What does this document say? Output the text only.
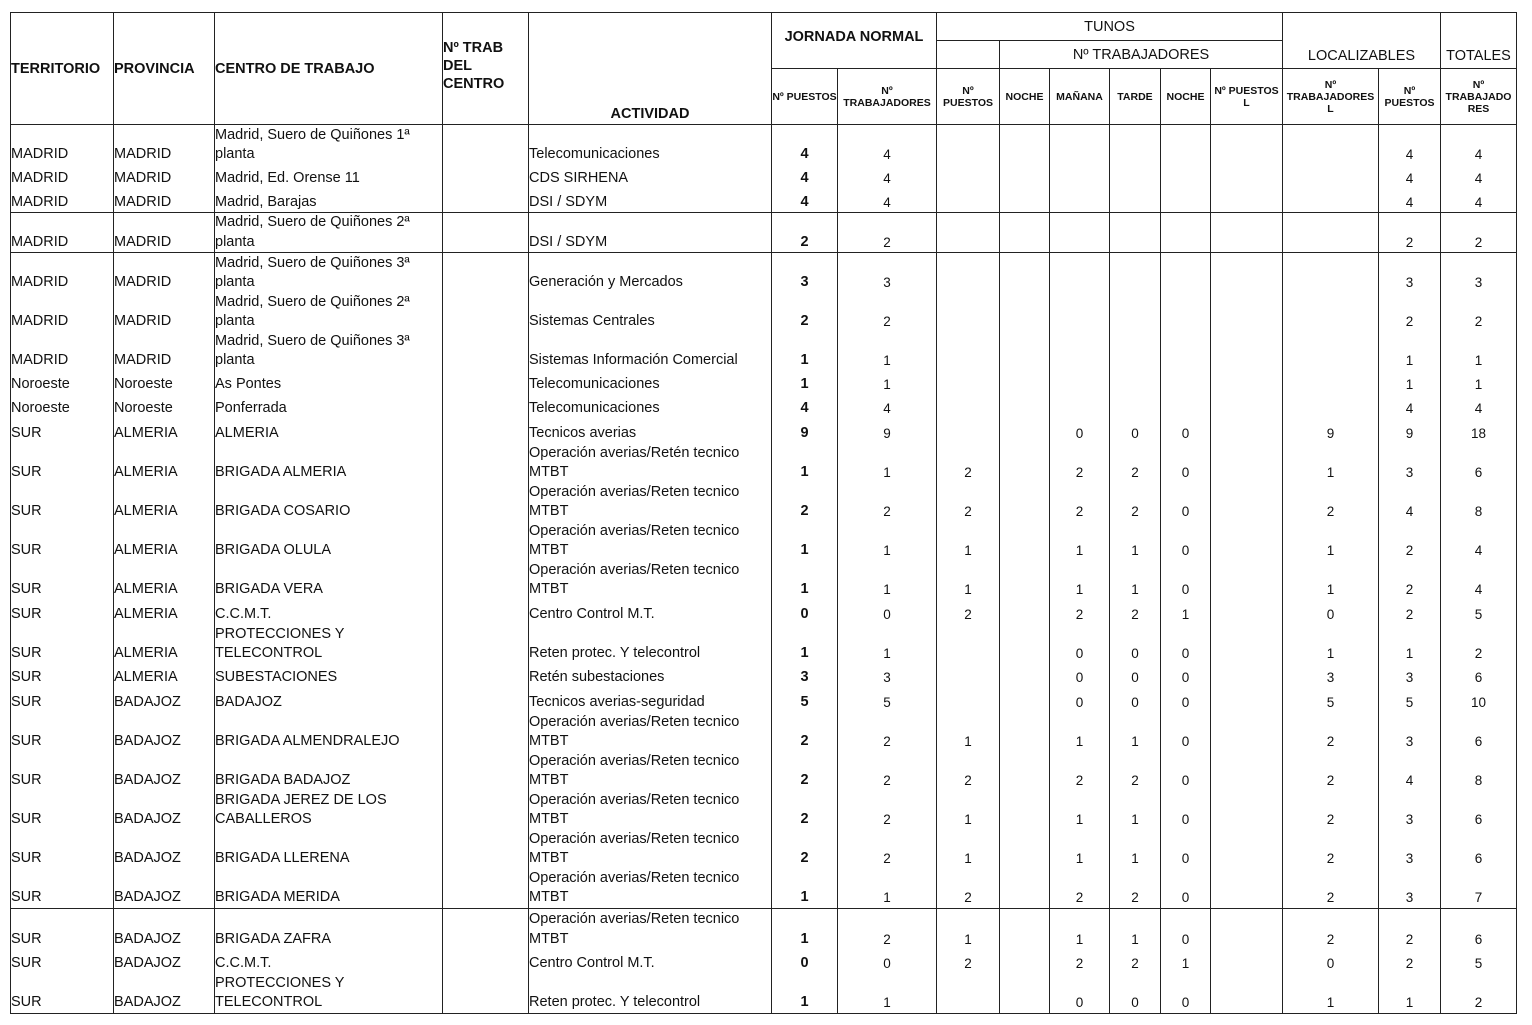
TERRITORIO	PROVINCIA	CENTRO DE TRABAJO	Nº TRAB DEL CENTRO	ACTIVIDAD	JORNADA NORMAL		TUNOS						LOCALIZABLES		TOTALES
								Nº TRABAJADORES							
					Nº PUESTOS	Nº TRABAJADORES	Nº PUESTOS	NOCHE	MAÑANA	TARDE	NOCHE	Nº PUESTOS L	Nº TRABAJADORES L	Nº PUESTOS	Nº TRABAJADO RES
MADRID	MADRID	Madrid, Suero de Quiñones 1ª planta		Telecomunicaciones	4	4								4	4
MADRID	MADRID	Madrid, Ed. Orense 11		CDS SIRHENA	4	4								4	4
MADRID	MADRID	Madrid, Barajas		DSI / SDYM	4	4								4	4
MADRID	MADRID	Madrid, Suero de Quiñones 2ª planta		DSI / SDYM	2	2								2	2
MADRID	MADRID	Madrid, Suero de Quiñones 3ª planta		Generación y Mercados	3	3								3	3
MADRID	MADRID	Madrid, Suero de Quiñones 2ª planta		Sistemas Centrales	2	2								2	2
MADRID	MADRID	Madrid, Suero de Quiñones 3ª planta		Sistemas Información Comercial	1	1								1	1
Noroeste	Noroeste	As Pontes		Telecomunicaciones	1	1								1	1
Noroeste	Noroeste	Ponferrada		Telecomunicaciones	4	4								4	4
SUR	ALMERIA	ALMERIA		Tecnicos averias	9	9			0	0	0		9	9	18
SUR	ALMERIA	BRIGADA ALMERIA		Operación averias/Retén tecnico MTBT	1	1	2		2	2	0		1	3	6
SUR	ALMERIA	BRIGADA COSARIO		Operación averias/Reten tecnico MTBT	2	2	2		2	2	0		2	4	8
SUR	ALMERIA	BRIGADA OLULA		Operación averias/Reten tecnico MTBT	1	1	1		1	1	0		1	2	4
SUR	ALMERIA	BRIGADA VERA		Operación averias/Reten tecnico MTBT	1	1	1		1	1	0		1	2	4
SUR	ALMERIA	C.C.M.T.		Centro Control M.T.	0	0	2		2	2	1		0	2	5
SUR	ALMERIA	PROTECCIONES Y TELECONTROL		Reten protec. Y telecontrol	1	1			0	0	0		1	1	2
SUR	ALMERIA	SUBESTACIONES		Retén subestaciones	3	3			0	0	0		3	3	6
SUR	BADAJOZ	BADAJOZ		Tecnicos averias-seguridad	5	5			0	0	0		5	5	10
SUR	BADAJOZ	BRIGADA ALMENDRALEJO		Operación averias/Reten tecnico MTBT	2	2	1		1	1	0		2	3	6
SUR	BADAJOZ	BRIGADA BADAJOZ		Operación averias/Reten tecnico MTBT	2	2	2		2	2	0		2	4	8
SUR	BADAJOZ	BRIGADA JEREZ DE LOS CABALLEROS		Operación averias/Reten tecnico MTBT	2	2	1		1	1	0		2	3	6
SUR	BADAJOZ	BRIGADA LLERENA		Operación averias/Reten tecnico MTBT	2	2	1		1	1	0		2	3	6
SUR	BADAJOZ	BRIGADA MERIDA		Operación averias/Reten tecnico MTBT	1	1	2		2	2	0		2	3	7
SUR	BADAJOZ	BRIGADA ZAFRA		Operación averias/Reten tecnico MTBT	1	2	1		1	1	0		2	2	6
SUR	BADAJOZ	C.C.M.T.		Centro Control M.T.	0	0	2		2	2	1		0	2	5
SUR	BADAJOZ	PROTECCIONES Y TELECONTROL		Reten protec. Y telecontrol	1	1			0	0	0		1	1	2
